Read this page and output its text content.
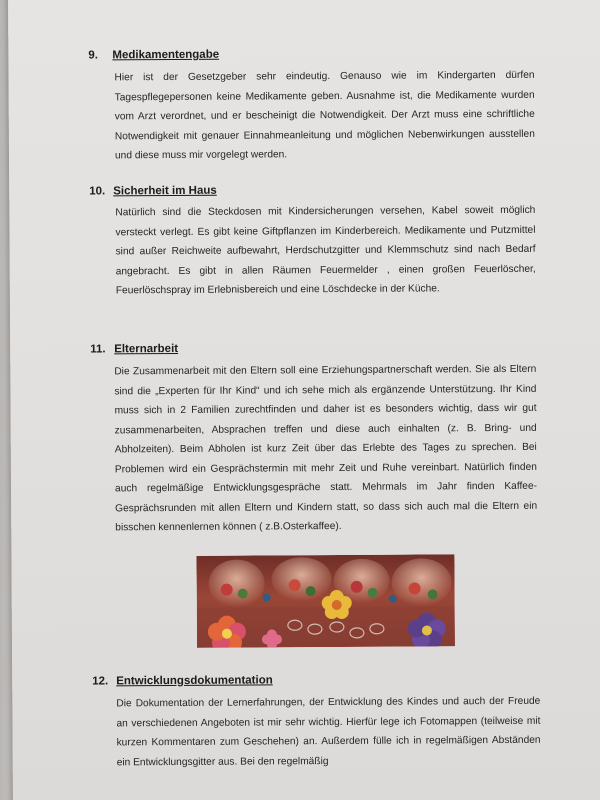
9. Medikamentengabe

Hier ist der Gesetzgeber sehr eindeutig. Genauso wie im Kindergarten dürfen Tagespflegepersonen keine Medikamente geben. Ausnahme ist, die Medikamente wurden vom Arzt verordnet, und er bescheinigt die Notwendigkeit. Der Arzt muss eine schriftliche Notwendigkeit mit genauer Einnahmeanleitung und möglichen Nebenwirkungen ausstellen und diese muss mir vorgelegt werden.

10. Sicherheit im Haus

Natürlich sind die Steckdosen mit Kindersicherungen versehen, Kabel soweit möglich versteckt verlegt. Es gibt keine Giftpflanzen im Kinderbereich. Medikamente und Putzmittel sind außer Reichweite aufbewahrt, Herdschutzgitter und Klemmschutz sind nach Bedarf angebracht. Es gibt in allen Räumen Feuermelder , einen großen Feuerlöscher, Feuerlöschspray im Erlebnisbereich und eine Löschdecke in der Küche.

11. Elternarbeit

Die Zusammenarbeit mit den Eltern soll eine Erziehungspartnerschaft werden. Sie als Eltern sind die „Experten für Ihr Kind“ und ich sehe mich als ergänzende Unterstützung. Ihr Kind muss sich in 2 Familien zurechtfinden und daher ist es besonders wichtig, dass wir gut zusammenarbeiten, Absprachen treffen und diese auch einhalten (z. B. Bring- und Abholzeiten). Beim Abholen ist kurz Zeit über das Erlebte des Tages zu sprechen. Bei Problemen wird ein Gesprächstermin mit mehr Zeit und Ruhe vereinbart. Natürlich finden auch regelmäßige Entwicklungsgespräche statt. Mehrmals im Jahr finden Kaffee-Gesprächsrunden mit allen Eltern und Kindern statt, so dass sich auch mal die Eltern ein bisschen kennenlernen können ( z.B.Osterkaffee).

12. Entwicklungsdokumentation

Die Dokumentation der Lernerfahrungen, der Entwicklung des Kindes und auch der Freude an verschiedenen Angeboten ist mir sehr wichtig. Hierfür lege ich Fotomappen (teilweise mit kurzen Kommentaren zum Geschehen) an. Außerdem fülle ich in regelmäßigen Abständen ein Entwicklungsgitter aus. Bei den regelmäßig
